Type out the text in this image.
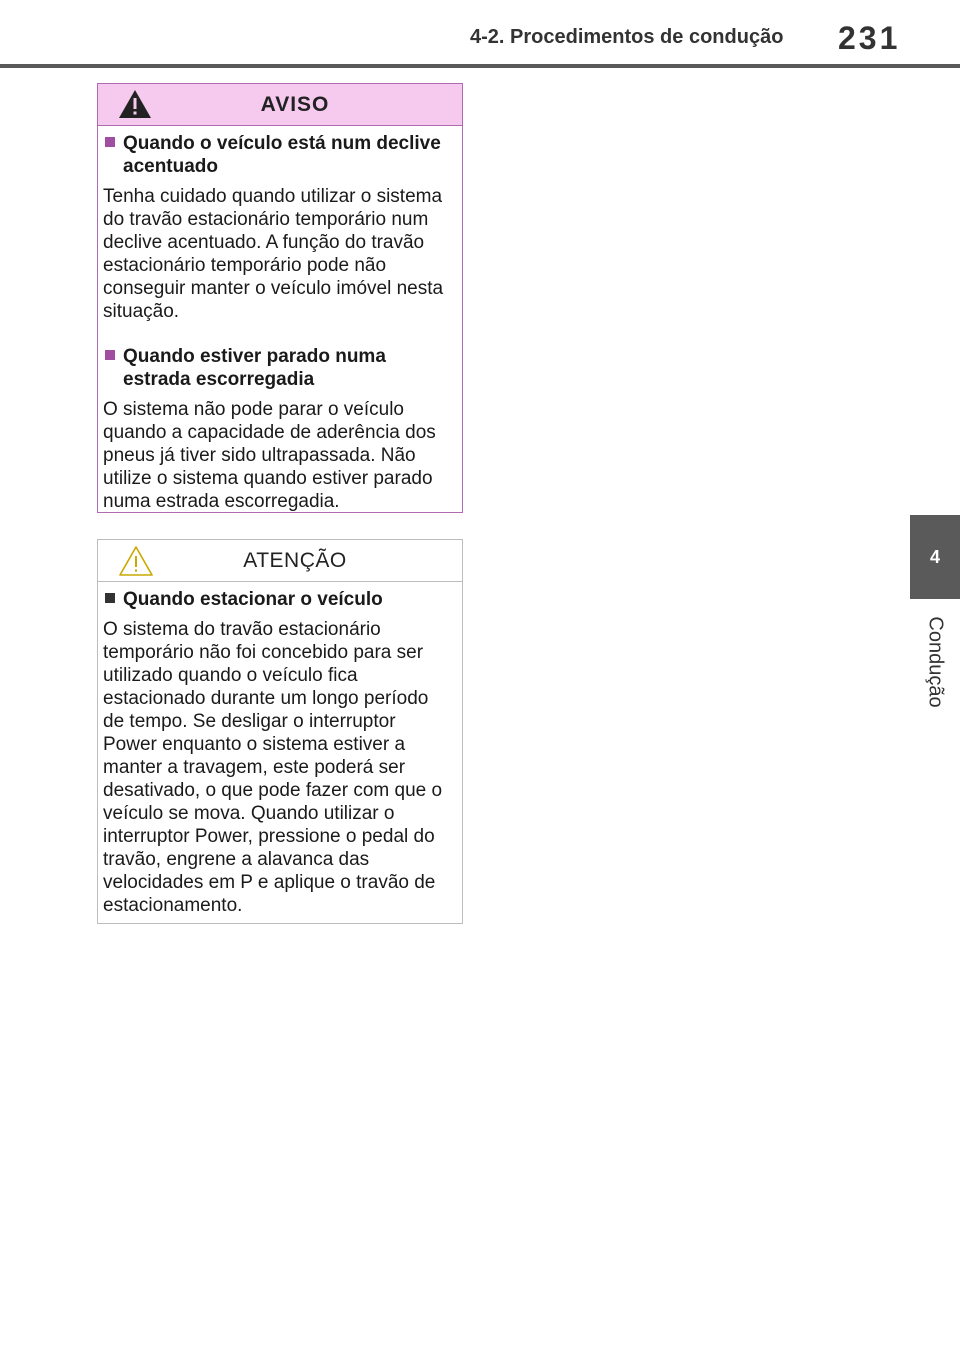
4-2. Procedimentos de condução 231
4
Condução
AVISO
Quando o veículo está num declive acentuado
Tenha cuidado quando utilizar o sistema do travão estacionário temporário num declive acentuado. A função do travão estacionário temporário pode não conseguir manter o veículo imóvel nesta situação.
Quando estiver parado numa estrada escorregadia
O sistema não pode parar o veículo quando a capacidade de aderência dos pneus já tiver sido ultrapassada. Não utilize o sistema quando estiver parado numa estrada escorregadia.
ATENÇÃO
Quando estacionar o veículo
O sistema do travão estacionário temporário não foi concebido para ser utilizado quando o veículo fica estacionado durante um longo período de tempo. Se desligar o interruptor Power enquanto o sistema estiver a manter a travagem, este poderá ser desativado, o que pode fazer com que o veículo se mova. Quando utilizar o interruptor Power, pressione o pedal do travão, engrene a alavanca das velocidades em P e aplique o travão de estacionamento.
